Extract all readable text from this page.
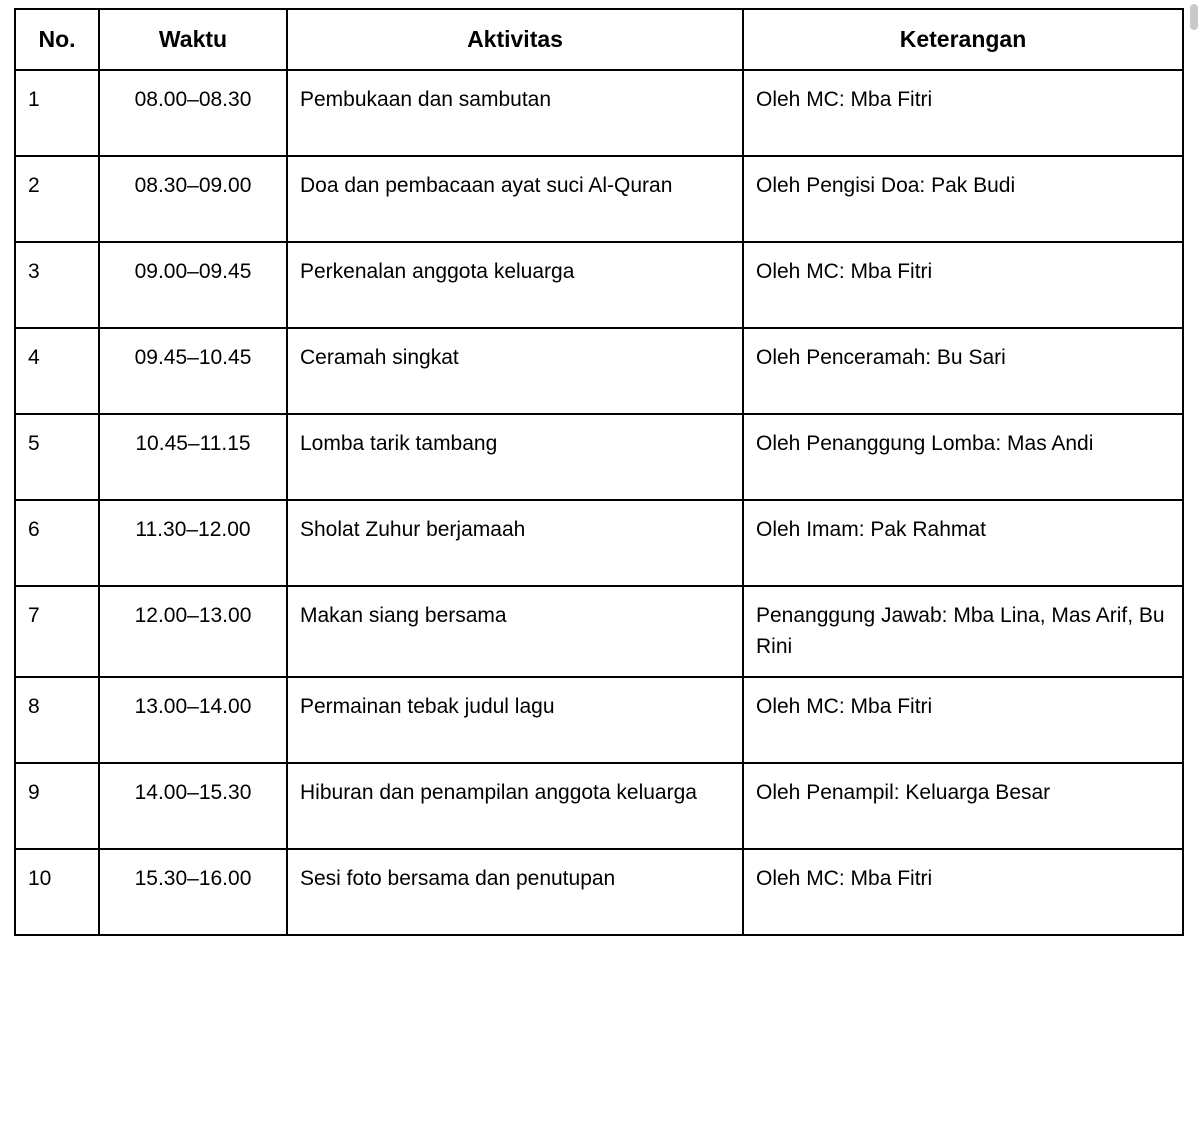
No.	Waktu	Aktivitas	Keterangan
1	08.00–08.30	Pembukaan dan sambutan	Oleh MC: Mba Fitri
2	08.30–09.00	Doa dan pembacaan ayat suci Al-Quran	Oleh Pengisi Doa: Pak Budi
3	09.00–09.45	Perkenalan anggota keluarga	Oleh MC: Mba Fitri
4	09.45–10.45	Ceramah singkat	Oleh Penceramah: Bu Sari
5	10.45–11.15	Lomba tarik tambang	Oleh Penanggung Lomba: Mas Andi
6	11.30–12.00	Sholat Zuhur berjamaah	Oleh Imam: Pak Rahmat
7	12.00–13.00	Makan siang bersama	Penanggung Jawab: Mba Lina, Mas Arif, Bu Rini
8	13.00–14.00	Permainan tebak judul lagu	Oleh MC: Mba Fitri
9	14.00–15.30	Hiburan dan penampilan anggota keluarga	Oleh Penampil: Keluarga Besar
10	15.30–16.00	Sesi foto bersama dan penutupan	Oleh MC: Mba Fitri
